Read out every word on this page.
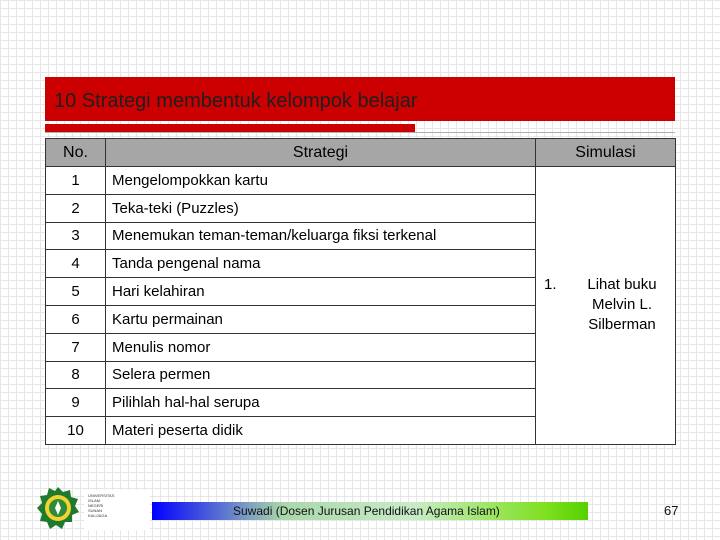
10 Strategi membentuk kelompok belajar
No.	Strategi	Simulasi
1	Mengelompokkan kartu	1. Lihat buku Melvin L. Silberman

2	Teka-teki (Puzzles)	
3	Menemukan teman-teman/keluarga fiksi terkenal	
4	Tanda pengenal nama	
5	Hari kelahiran	
6	Kartu permainan	
7	Menulis nomor	
8	Selera permen	
9	Pilihlah hal-hal serupa	
10	Materi peserta didik	
UNIVERSITAS
ISLAM
NEGERI
SUNAN
KALIJAGA	Suwadi (Dosen Jurusan Pendidikan Agama Islam)	67
